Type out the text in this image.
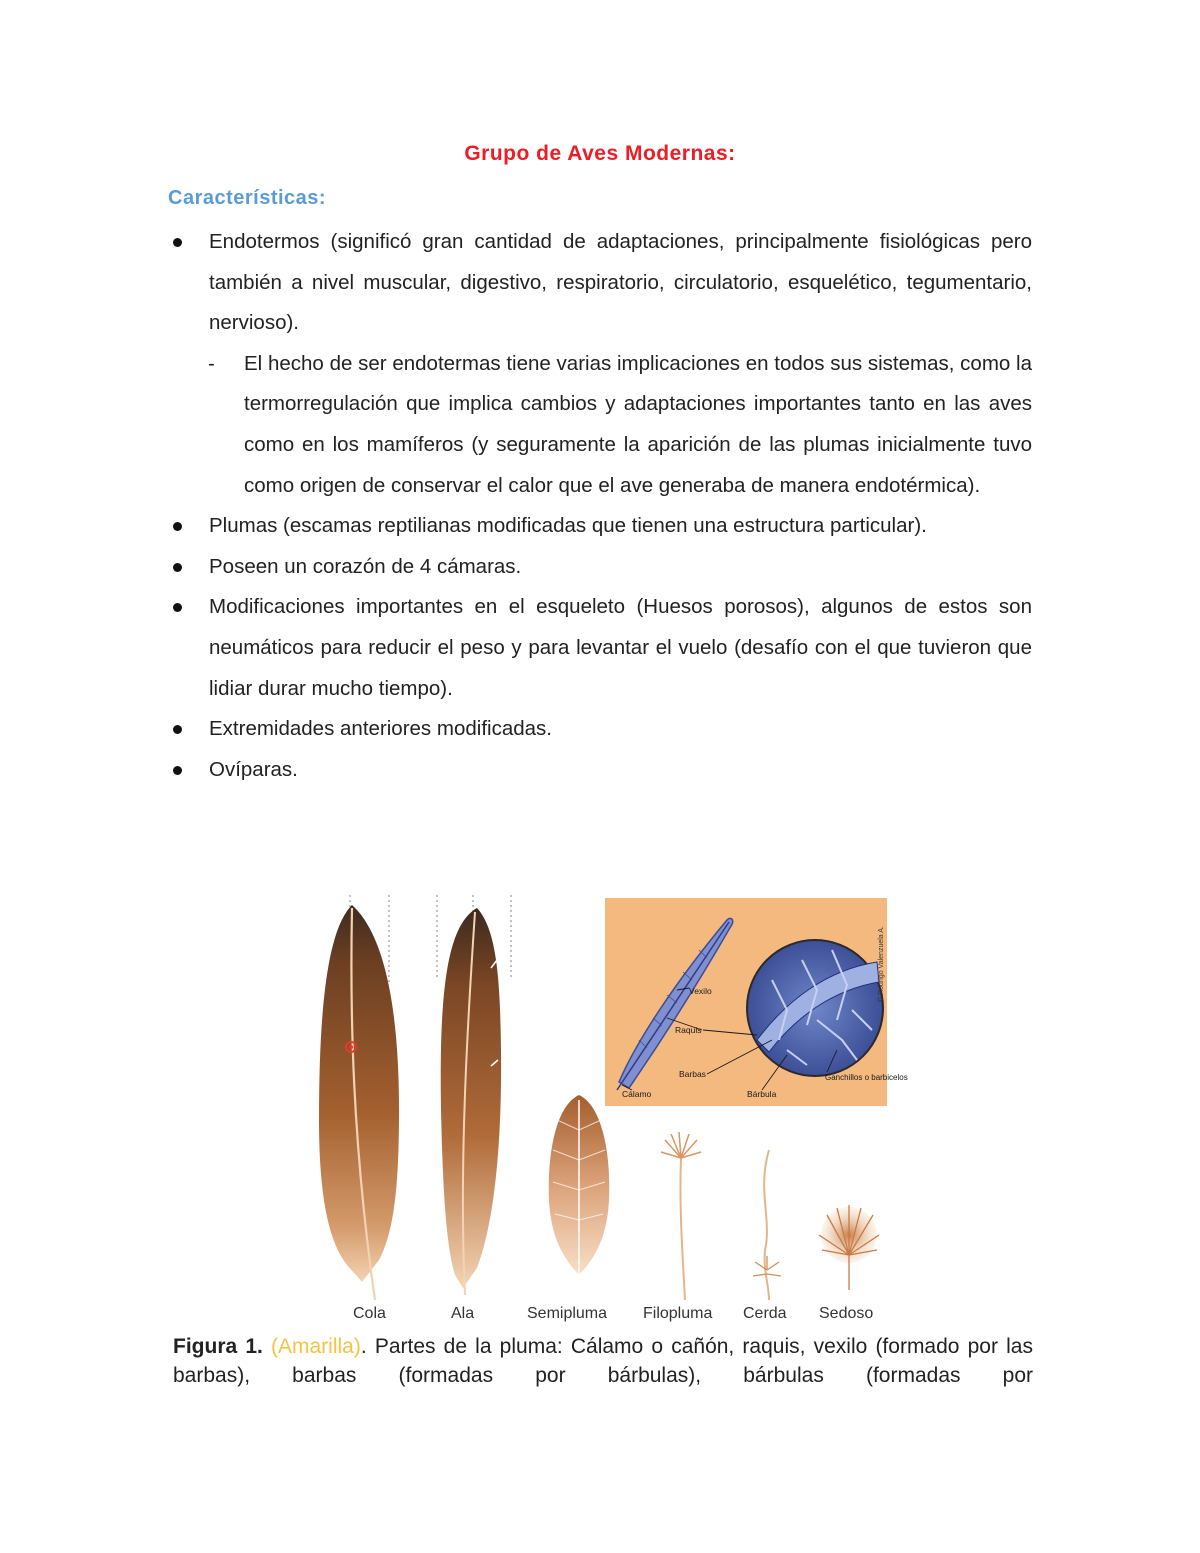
Grupo de Aves Modernas:
Características:
Endotermos (significó gran cantidad de adaptaciones, principalmente fisiológicas pero también a nivel muscular, digestivo, respiratorio, circulatorio, esquelético, tegumentario, nervioso).
- El hecho de ser endotermas tiene varias implicaciones en todos sus sistemas, como la termorregulación que implica cambios y adaptaciones importantes tanto en las aves como en los mamíferos (y seguramente la aparición de las plumas inicialmente tuvo como origen de conservar el calor que el ave generaba de manera endotérmica).
Plumas (escamas reptilianas modificadas que tienen una estructura particular).
Poseen un corazón de 4 cámaras.
Modificaciones importantes en el esqueleto (Huesos porosos), algunos de estos son neumáticos para reducir el peso y para levantar el vuelo (desafío con el que tuvieron que lidiar durar mucho tiempo).
Extremidades anteriores modificadas.
Ovíparas.
Vexilo
Raquis
Barbas
Cálamo	Bárbula
Ganchillos o barbicelos
© Rodrigo Valenzuela A.
Cola	Ala	Semipluma Filopluma Cerda Sedoso
Figura 1. (Amarilla). Partes de la pluma: Cálamo o cañón, raquis, vexilo (formado por las barbas), barbas (formadas por bárbulas), bárbulas (formadas por
